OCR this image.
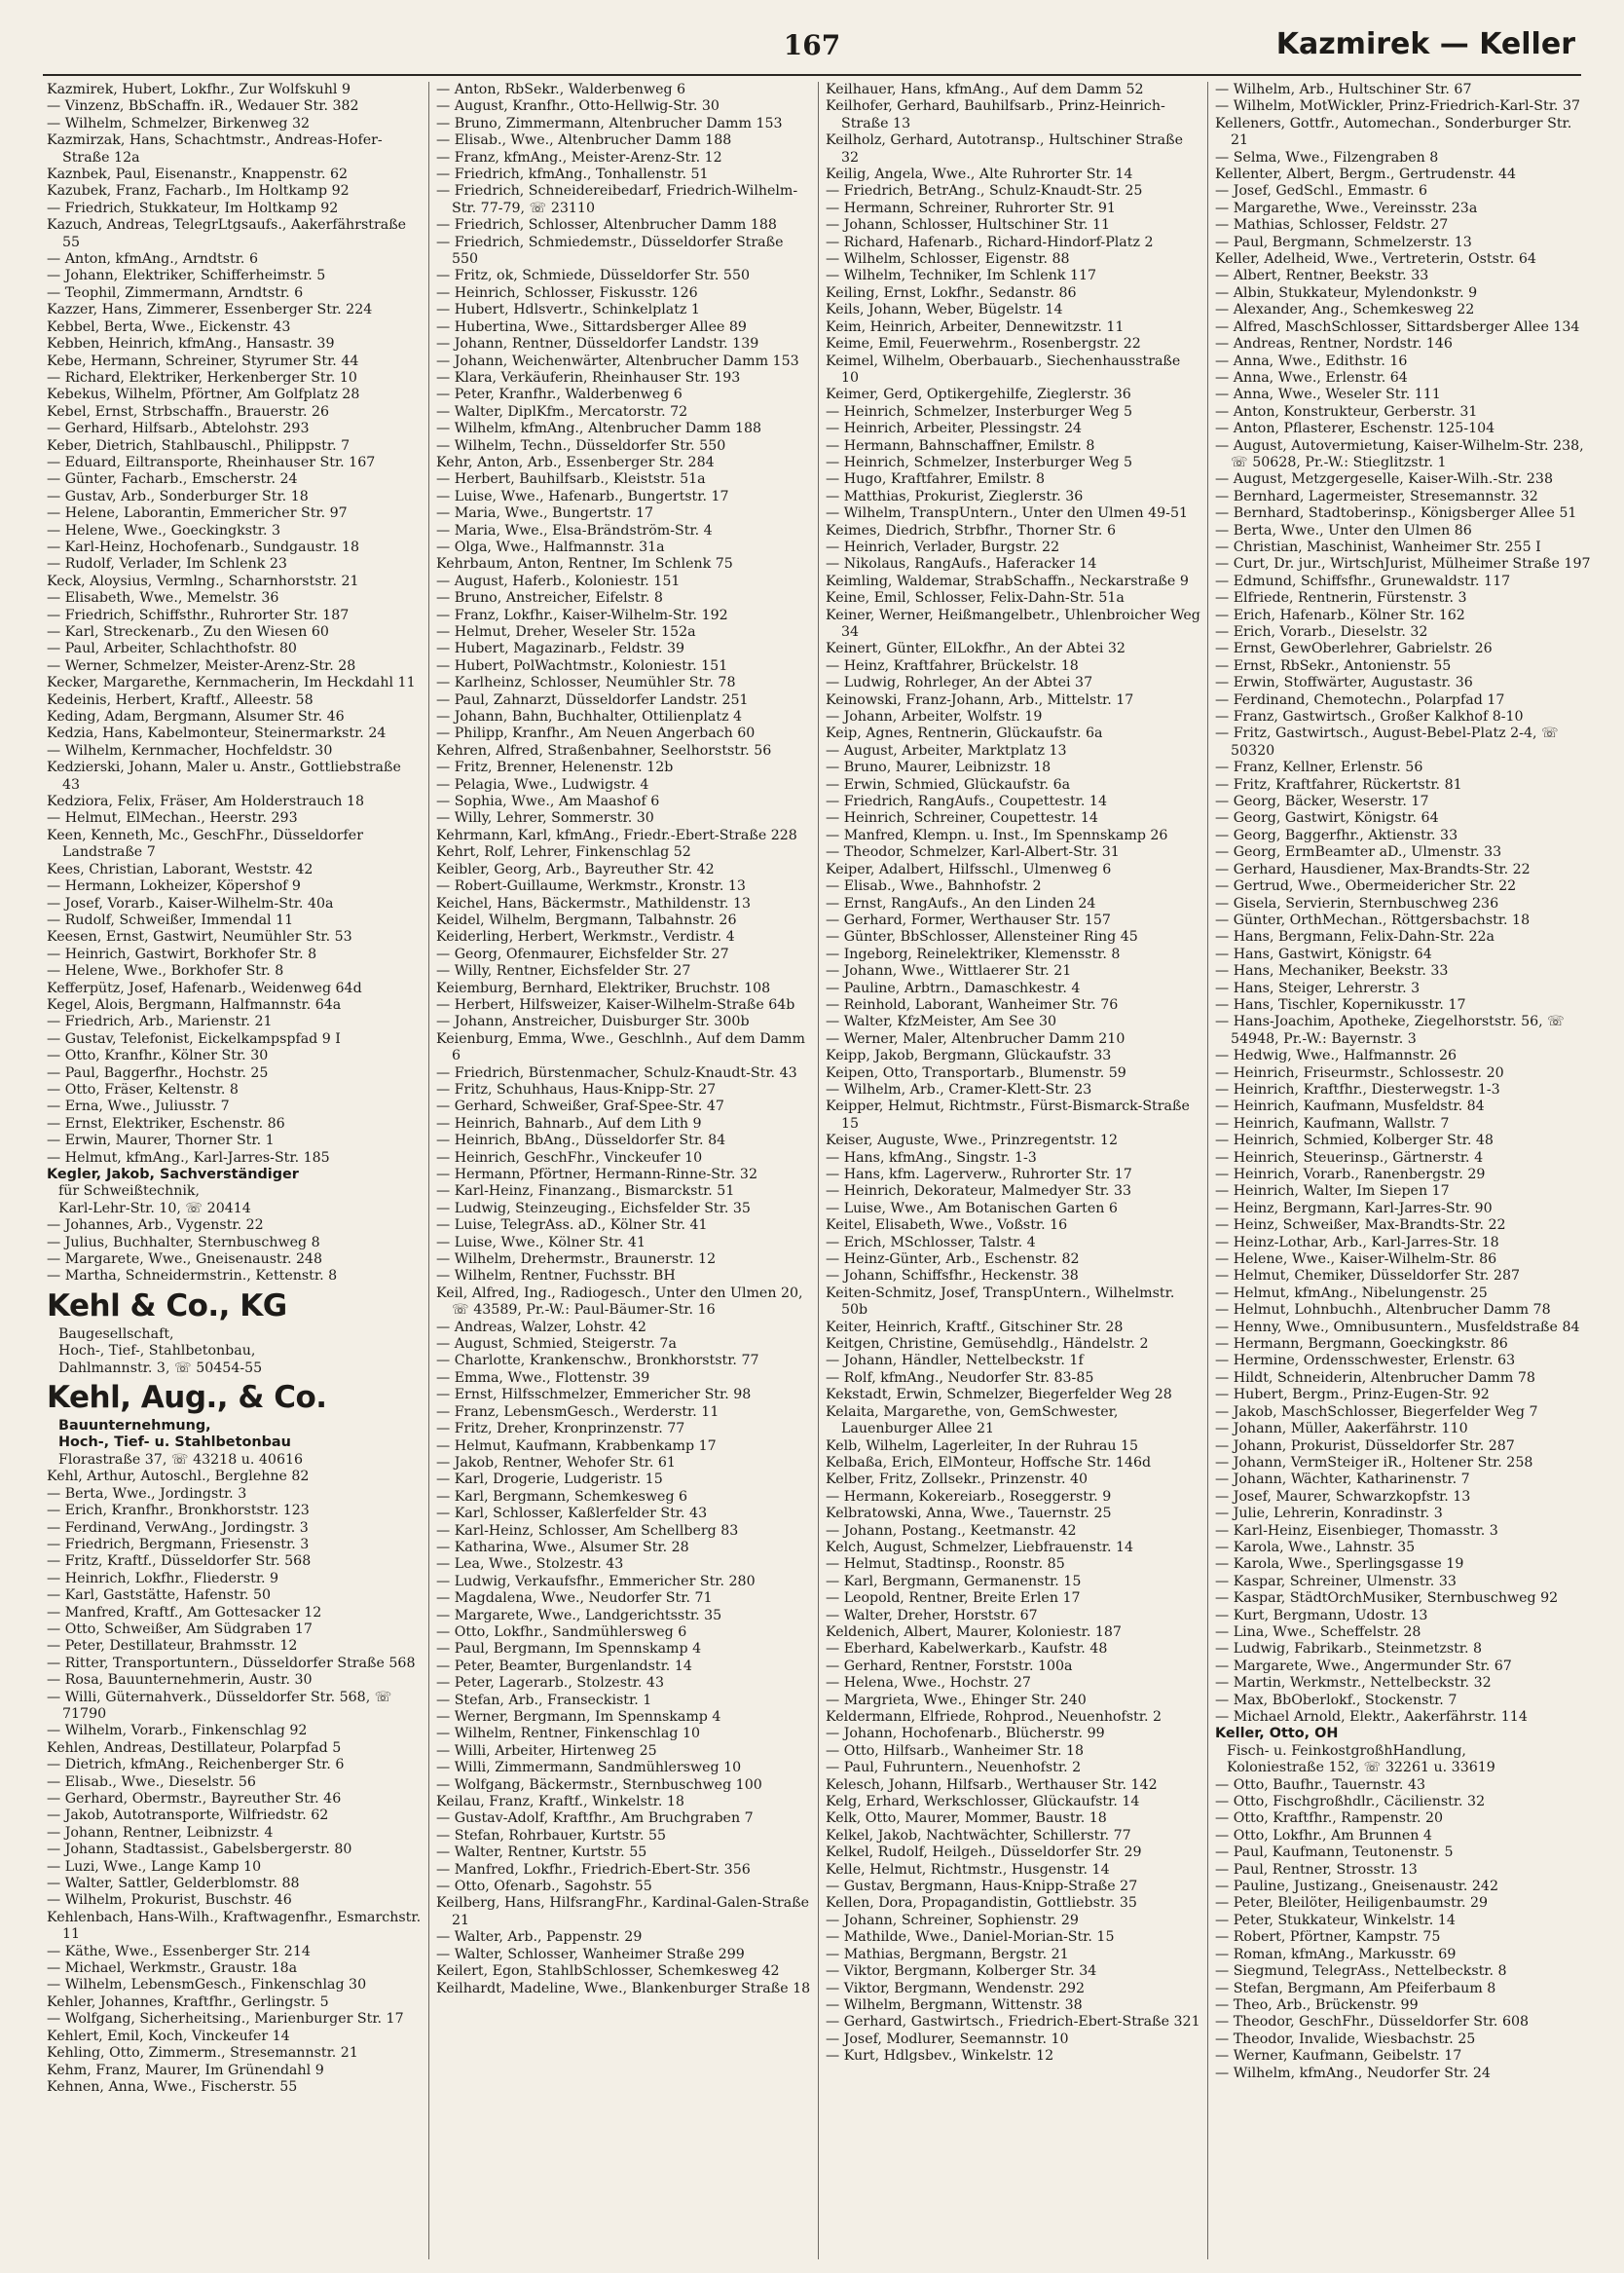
167	Kazmirek — Keller

Kazmirek, Hubert, Lokfhr., Zur Wolfskuhl 9

— Vinzenz, BbSchaffn. iR., Wedauer Str. 382

— Wilhelm, Schmelzer, Birkenweg 32

Kazmirzak, Hans, Schachtmstr., Andreas-Hofer-Straße 12a

Kaznbek, Paul, Eisenanstr., Knappenstr. 62

Kazubek, Franz, Facharb., Im Holtkamp 92

— Friedrich, Stukkateur, Im Holtkamp 92

Kazuch, Andreas, TelegrLtgsaufs., Aakerfährstraße 55

— Anton, kfmAng., Arndtstr. 6

— Johann, Elektriker, Schifferheimstr. 5

— Teophil, Zimmermann, Arndtstr. 6

Kazzer, Hans, Zimmerer, Essenberger Str. 224

Kebbel, Berta, Wwe., Eickenstr. 43

Kebben, Heinrich, kfmAng., Hansastr. 39

Kebe, Hermann, Schreiner, Styrumer Str. 44

— Richard, Elektriker, Herkenberger Str. 10

Kebekus, Wilhelm, Pförtner, Am Golfplatz 28

Kebel, Ernst, Strbschaffn., Brauerstr. 26

— Gerhard, Hilfsarb., Abtelohstr. 293

Keber, Dietrich, Stahlbauschl., Philippstr. 7

— Eduard, Eiltransporte, Rheinhauser Str. 167

— Günter, Facharb., Emscherstr. 24

— Gustav, Arb., Sonderburger Str. 18

— Helene, Laborantin, Emmericher Str. 97

— Helene, Wwe., Goeckingkstr. 3

— Karl-Heinz, Hochofenarb., Sundgaustr. 18

— Rudolf, Verlader, Im Schlenk 23

Keck, Aloysius, Vermlng., Scharnhorststr. 21

— Elisabeth, Wwe., Memelstr. 36

— Friedrich, Schiffsthr., Ruhrorter Str. 187

— Karl, Streckenarb., Zu den Wiesen 60

— Paul, Arbeiter, Schlachthofstr. 80

— Werner, Schmelzer, Meister-Arenz-Str. 28

Kecker, Margarethe, Kernmacherin, Im Heckdahl 11

Kedeinis, Herbert, Kraftf., Alleestr. 58

Keding, Adam, Bergmann, Alsumer Str. 46

Kedzia, Hans, Kabelmonteur, Steinermarkstr. 24

— Wilhelm, Kernmacher, Hochfeldstr. 30

Kedzierski, Johann, Maler u. Anstr., Gottliebstraße 43

Kedziora, Felix, Fräser, Am Holderstrauch 18

— Helmut, ElMechan., Heerstr. 293

Keen, Kenneth, Mc., GeschFhr., Düsseldorfer Landstraße 7

Kees, Christian, Laborant, Weststr. 42

— Hermann, Lokheizer, Köpershof 9

— Josef, Vorarb., Kaiser-Wilhelm-Str. 40a

— Rudolf, Schweißer, Immendal 11

Keesen, Ernst, Gastwirt, Neumühler Str. 53

— Heinrich, Gastwirt, Borkhofer Str. 8

— Helene, Wwe., Borkhofer Str. 8

Kefferpütz, Josef, Hafenarb., Weidenweg 64d

Kegel, Alois, Bergmann, Halfmannstr. 64a

— Friedrich, Arb., Marienstr. 21

— Gustav, Telefonist, Eickelkampspfad 9 I

— Otto, Kranfhr., Kölner Str. 30

— Paul, Baggerfhr., Hochstr. 25

— Otto, Fräser, Keltenstr. 8

— Erna, Wwe., Juliusstr. 7

— Ernst, Elektriker, Eschenstr. 86

— Erwin, Maurer, Thorner Str. 1

— Helmut, kfmAng., Karl-Jarres-Str. 185

Kegler, Jakob, Sachverständiger

für Schweißtechnik,

Karl-Lehr-Str. 10, ☏ 20414

— Johannes, Arb., Vygenstr. 22

— Julius, Buchhalter, Sternbuschweg 8

— Margarete, Wwe., Gneisenaustr. 248

— Martha, Schneidermstrin., Kettenstr. 8

Kehl & Co., KG

Baugesellschaft,

Hoch-, Tief-, Stahlbetonbau,

Dahlmannstr. 3, ☏ 50454-55

Kehl, Aug., & Co.

Bauunternehmung,

Hoch-, Tief- u. Stahlbetonbau

Florastraße 37, ☏ 43218 u. 40616

Kehl, Arthur, Autoschl., Berglehne 82

— Berta, Wwe., Jordingstr. 3

— Erich, Kranfhr., Bronkhorststr. 123

— Ferdinand, VerwAng., Jordingstr. 3

— Friedrich, Bergmann, Friesenstr. 3

— Fritz, Kraftf., Düsseldorfer Str. 568

— Heinrich, Lokfhr., Fliederstr. 9

— Karl, Gaststätte, Hafenstr. 50

— Manfred, Kraftf., Am Gottesacker 12

— Otto, Schweißer, Am Südgraben 17

— Peter, Destillateur, Brahmsstr. 12

— Ritter, Transportuntern., Düsseldorfer Straße 568

— Rosa, Bauunternehmerin, Austr. 30

— Willi, Güternahverk., Düsseldorfer Str. 568, ☏ 71790

— Wilhelm, Vorarb., Finkenschlag 92

Kehlen, Andreas, Destillateur, Polarpfad 5

— Dietrich, kfmAng., Reichenberger Str. 6

— Elisab., Wwe., Dieselstr. 56

— Gerhard, Obermstr., Bayreuther Str. 46

— Jakob, Autotransporte, Wilfriedstr. 62

— Johann, Rentner, Leibnizstr. 4

— Johann, Stadtassist., Gabelsbergerstr. 80

— Luzi, Wwe., Lange Kamp 10

— Walter, Sattler, Gelderblomstr. 88

— Wilhelm, Prokurist, Buschstr. 46

Kehlenbach, Hans-Wilh., Kraftwagenfhr., Esmarchstr. 11

— Käthe, Wwe., Essenberger Str. 214

— Michael, Werkmstr., Graustr. 18a

— Wilhelm, LebensmGesch., Finkenschlag 30

Kehler, Johannes, Kraftfhr., Gerlingstr. 5

— Wolfgang, Sicherheitsing., Marienburger Str. 17

Kehlert, Emil, Koch, Vinckeufer 14

Kehling, Otto, Zimmerm., Stresemannstr. 21

Kehm, Franz, Maurer, Im Grünendahl 9

Kehnen, Anna, Wwe., Fischerstr. 55

— Anton, RbSekr., Walderbenweg 6

— August, Kranfhr., Otto-Hellwig-Str. 30

— Bruno, Zimmermann, Altenbrucher Damm 153

— Elisab., Wwe., Altenbrucher Damm 188

— Franz, kfmAng., Meister-Arenz-Str. 12

— Friedrich, kfmAng., Tonhallenstr. 51

— Friedrich, Schneidereibedarf, Friedrich-Wilhelm-Str. 77-79, ☏ 23110

— Friedrich, Schlosser, Altenbrucher Damm 188

— Friedrich, Schmiedemstr., Düsseldorfer Straße 550

— Fritz, ok, Schmiede, Düsseldorfer Str. 550

— Heinrich, Schlosser, Fiskusstr. 126

— Hubert, Hdlsvertr., Schinkelplatz 1

— Hubertina, Wwe., Sittardsberger Allee 89

— Johann, Rentner, Düsseldorfer Landstr. 139

— Johann, Weichenwärter, Altenbrucher Damm 153

— Klara, Verkäuferin, Rheinhauser Str. 193

— Peter, Kranfhr., Walderbenweg 6

— Walter, DiplKfm., Mercatorstr. 72

— Wilhelm, kfmAng., Altenbrucher Damm 188

— Wilhelm, Techn., Düsseldorfer Str. 550

Kehr, Anton, Arb., Essenberger Str. 284

— Herbert, Bauhilfsarb., Kleiststr. 51a

— Luise, Wwe., Hafenarb., Bungertstr. 17

— Maria, Wwe., Bungertstr. 17

— Maria, Wwe., Elsa-Brändström-Str. 4

— Olga, Wwe., Halfmannstr. 31a

Kehrbaum, Anton, Rentner, Im Schlenk 75

— August, Haferb., Koloniestr. 151

— Bruno, Anstreicher, Eifelstr. 8

— Franz, Lokfhr., Kaiser-Wilhelm-Str. 192

— Helmut, Dreher, Weseler Str. 152a

— Hubert, Magazinarb., Feldstr. 39

— Hubert, PolWachtmstr., Koloniestr. 151

— Karlheinz, Schlosser, Neumühler Str. 78

— Paul, Zahnarzt, Düsseldorfer Landstr. 251

— Johann, Bahn, Buchhalter, Ottilienplatz 4

— Philipp, Kranfhr., Am Neuen Angerbach 60

Kehren, Alfred, Straßenbahner, Seelhorststr. 56

— Fritz, Brenner, Helenenstr. 12b

— Pelagia, Wwe., Ludwigstr. 4

— Sophia, Wwe., Am Maashof 6

— Willy, Lehrer, Sommerstr. 30

Kehrmann, Karl, kfmAng., Friedr.-Ebert-Straße 228

Kehrt, Rolf, Lehrer, Finkenschlag 52

Keibler, Georg, Arb., Bayreuther Str. 42

— Robert-Guillaume, Werkmstr., Kronstr. 13

Keichel, Hans, Bäckermstr., Mathildenstr. 13

Keidel, Wilhelm, Bergmann, Talbahnstr. 26

Keiderling, Herbert, Werkmstr., Verdistr. 4

— Georg, Ofenmaurer, Eichsfelder Str. 27

— Willy, Rentner, Eichsfelder Str. 27

Keiemburg, Bernhard, Elektriker, Bruchstr. 108

— Herbert, Hilfsweizer, Kaiser-Wilhelm-Straße 64b

— Johann, Anstreicher, Duisburger Str. 300b

Keienburg, Emma, Wwe., Geschlnh., Auf dem Damm 6

— Friedrich, Bürstenmacher, Schulz-Knaudt-Str. 43

— Fritz, Schuhhaus, Haus-Knipp-Str. 27

— Gerhard, Schweißer, Graf-Spee-Str. 47

— Heinrich, Bahnarb., Auf dem Lith 9

— Heinrich, BbAng., Düsseldorfer Str. 84

— Heinrich, GeschFhr., Vinckeufer 10

— Hermann, Pförtner, Hermann-Rinne-Str. 32

— Karl-Heinz, Finanzang., Bismarckstr. 51

— Ludwig, Steinzeuging., Eichsfelder Str. 35

— Luise, TelegrAss. aD., Kölner Str. 41

— Luise, Wwe., Kölner Str. 41

— Wilhelm, Drehermstr., Braunerstr. 12

— Wilhelm, Rentner, Fuchsstr. BH

Keil, Alfred, Ing., Radiogesch., Unter den Ulmen 20, ☏ 43589, Pr.-W.: Paul-Bäumer-Str. 16

— Andreas, Walzer, Lohstr. 42

— August, Schmied, Steigerstr. 7a

— Charlotte, Krankenschw., Bronkhorststr. 77

— Emma, Wwe., Flottenstr. 39

— Ernst, Hilfsschmelzer, Emmericher Str. 98

— Franz, LebensmGesch., Werderstr. 11

— Fritz, Dreher, Kronprinzenstr. 77

— Helmut, Kaufmann, Krabbenkamp 17

— Jakob, Rentner, Wehofer Str. 61

— Karl, Drogerie, Ludgeristr. 15

— Karl, Bergmann, Schemkesweg 6

— Karl, Schlosser, Kaßlerfelder Str. 43

— Karl-Heinz, Schlosser, Am Schellberg 83

— Katharina, Wwe., Alsumer Str. 28

— Lea, Wwe., Stolzestr. 43

— Ludwig, Verkaufsfhr., Emmericher Str. 280

— Magdalena, Wwe., Neudorfer Str. 71

— Margarete, Wwe., Landgerichtsstr. 35

— Otto, Lokfhr., Sandmühlersweg 6

— Paul, Bergmann, Im Spennskamp 4

— Peter, Beamter, Burgenlandstr. 14

— Peter, Lagerarb., Stolzestr. 43

— Stefan, Arb., Franseckistr. 1

— Werner, Bergmann, Im Spennskamp 4

— Wilhelm, Rentner, Finkenschlag 10

— Willi, Arbeiter, Hirtenweg 25

— Willi, Zimmermann, Sandmühlersweg 10

— Wolfgang, Bäckermstr., Sternbuschweg 100

Keilau, Franz, Kraftf., Winkelstr. 18

— Gustav-Adolf, Kraftfhr., Am Bruchgraben 7

— Stefan, Rohrbauer, Kurtstr. 55

— Walter, Rentner, Kurtstr. 55

— Manfred, Lokfhr., Friedrich-Ebert-Str. 356

— Otto, Ofenarb., Sagohstr. 55

Keilberg, Hans, HilfsrangFhr., Kardinal-Galen-Straße 21

— Walter, Arb., Pappenstr. 29

— Walter, Schlosser, Wanheimer Straße 299

Keilert, Egon, StahlbSchlosser, Schemkesweg 42

Keilhardt, Madeline, Wwe., Blankenburger Straße 18

Keilhauer, Hans, kfmAng., Auf dem Damm 52

Keilhofer, Gerhard, Bauhilfsarb., Prinz-Heinrich-Straße 13

Keilholz, Gerhard, Autotransp., Hultschiner Straße 32

Keilig, Angela, Wwe., Alte Ruhrorter Str. 14

— Friedrich, BetrAng., Schulz-Knaudt-Str. 25

— Hermann, Schreiner, Ruhrorter Str. 91

— Johann, Schlosser, Hultschiner Str. 11

— Richard, Hafenarb., Richard-Hindorf-Platz 2

— Wilhelm, Schlosser, Eigenstr. 88

— Wilhelm, Techniker, Im Schlenk 117

Keiling, Ernst, Lokfhr., Sedanstr. 86

Keils, Johann, Weber, Bügelstr. 14

Keim, Heinrich, Arbeiter, Dennewitzstr. 11

Keime, Emil, Feuerwehrm., Rosenbergstr. 22

Keimel, Wilhelm, Oberbauarb., Siechenhausstraße 10

Keimer, Gerd, Optikergehilfe, Zieglerstr. 36

— Heinrich, Schmelzer, Insterburger Weg 5

— Heinrich, Arbeiter, Plessingstr. 24

— Hermann, Bahnschaffner, Emilstr. 8

— Heinrich, Schmelzer, Insterburger Weg 5

— Hugo, Kraftfahrer, Emilstr. 8

— Matthias, Prokurist, Zieglerstr. 36

— Wilhelm, TranspUntern., Unter den Ulmen 49-51

Keimes, Diedrich, Strbfhr., Thorner Str. 6

— Heinrich, Verlader, Burgstr. 22

— Nikolaus, RangAufs., Haferacker 14

Keimling, Waldemar, StrabSchaffn., Neckarstraße 9

Keine, Emil, Schlosser, Felix-Dahn-Str. 51a

Keiner, Werner, Heißmangelbetr., Uhlenbroicher Weg 34

Keinert, Günter, ElLokfhr., An der Abtei 32

— Heinz, Kraftfahrer, Brückelstr. 18

— Ludwig, Rohrleger, An der Abtei 37

Keinowski, Franz-Johann, Arb., Mittelstr. 17

— Johann, Arbeiter, Wolfstr. 19

Keip, Agnes, Rentnerin, Glückaufstr. 6a

— August, Arbeiter, Marktplatz 13

— Bruno, Maurer, Leibnizstr. 18

— Erwin, Schmied, Glückaufstr. 6a

— Friedrich, RangAufs., Coupettestr. 14

— Heinrich, Schreiner, Coupettestr. 14

— Manfred, Klempn. u. Inst., Im Spennskamp 26

— Theodor, Schmelzer, Karl-Albert-Str. 31

Keiper, Adalbert, Hilfsschl., Ulmenweg 6

— Elisab., Wwe., Bahnhofstr. 2

— Ernst, RangAufs., An den Linden 24

— Gerhard, Former, Werthauser Str. 157

— Günter, BbSchlosser, Allensteiner Ring 45

— Ingeborg, Reinelektriker, Klemensstr. 8

— Johann, Wwe., Wittlaerer Str. 21

— Pauline, Arbtrn., Damaschkestr. 4

— Reinhold, Laborant, Wanheimer Str. 76

— Walter, KfzMeister, Am See 30

— Werner, Maler, Altenbrucher Damm 210

Keipp, Jakob, Bergmann, Glückaufstr. 33

Keipen, Otto, Transportarb., Blumenstr. 59

— Wilhelm, Arb., Cramer-Klett-Str. 23

Keipper, Helmut, Richtmstr., Fürst-Bismarck-Straße 15

Keiser, Auguste, Wwe., Prinzregentstr. 12

— Hans, kfmAng., Singstr. 1-3

— Hans, kfm. Lagerverw., Ruhrorter Str. 17

— Heinrich, Dekorateur, Malmedyer Str. 33

— Luise, Wwe., Am Botanischen Garten 6

Keitel, Elisabeth, Wwe., Voßstr. 16

— Erich, MSchlosser, Talstr. 4

— Heinz-Günter, Arb., Eschenstr. 82

— Johann, Schiffsfhr., Heckenstr. 38

Keiten-Schmitz, Josef, TranspUntern., Wilhelmstr. 50b

Keiter, Heinrich, Kraftf., Gitschiner Str. 28

Keitgen, Christine, Gemüsehdlg., Händelstr. 2

— Johann, Händler, Nettelbeckstr. 1f

— Rolf, kfmAng., Neudorfer Str. 83-85

Kekstadt, Erwin, Schmelzer, Biegerfelder Weg 28

Kelaita, Margarethe, von, GemSchwester, Lauenburger Allee 21

Kelb, Wilhelm, Lagerleiter, In der Ruhrau 15

Kelbaßa, Erich, ElMonteur, Hoffsche Str. 146d

Kelber, Fritz, Zollsekr., Prinzenstr. 40

— Hermann, Kokereiarb., Roseggerstr. 9

Kelbratowski, Anna, Wwe., Tauernstr. 25

— Johann, Postang., Keetmanstr. 42

Kelch, August, Schmelzer, Liebfrauenstr. 14

— Helmut, Stadtinsp., Roonstr. 85

— Karl, Bergmann, Germanenstr. 15

— Leopold, Rentner, Breite Erlen 17

— Walter, Dreher, Horststr. 67

Keldenich, Albert, Maurer, Koloniestr. 187

— Eberhard, Kabelwerkarb., Kaufstr. 48

— Gerhard, Rentner, Forststr. 100a

— Helena, Wwe., Hochstr. 27

— Margrieta, Wwe., Ehinger Str. 240

Keldermann, Elfriede, Rohprod., Neuenhofstr. 2

— Johann, Hochofenarb., Blücherstr. 99

— Otto, Hilfsarb., Wanheimer Str. 18

— Paul, Fuhruntern., Neuenhofstr. 2

Kelesch, Johann, Hilfsarb., Werthauser Str. 142

Kelg, Erhard, Werkschlosser, Glückaufstr. 14

Kelk, Otto, Maurer, Mommer, Baustr. 18

Kelkel, Jakob, Nachtwächter, Schillerstr. 77

Kelkel, Rudolf, Heilgeh., Düsseldorfer Str. 29

Kelle, Helmut, Richtmstr., Husgenstr. 14

— Gustav, Bergmann, Haus-Knipp-Straße 27

Kellen, Dora, Propagandistin, Gottliebstr. 35

— Johann, Schreiner, Sophienstr. 29

— Mathilde, Wwe., Daniel-Morian-Str. 15

— Mathias, Bergmann, Bergstr. 21

— Viktor, Bergmann, Kolberger Str. 34

— Viktor, Bergmann, Wendenstr. 292

— Wilhelm, Bergmann, Wittenstr. 38

— Gerhard, Gastwirtsch., Friedrich-Ebert-Straße 321

— Josef, Modlurer, Seemannstr. 10

— Kurt, Hdlgsbev., Winkelstr. 12

— Wilhelm, Arb., Hultschiner Str. 67

— Wilhelm, MotWickler, Prinz-Friedrich-Karl-Str. 37

Kelleners, Gottfr., Automechan., Sonderburger Str. 21

— Selma, Wwe., Filzengraben 8

Kellenter, Albert, Bergm., Gertrudenstr. 44

— Josef, GedSchl., Emmastr. 6

— Margarethe, Wwe., Vereinsstr. 23a

— Mathias, Schlosser, Feldstr. 27

— Paul, Bergmann, Schmelzerstr. 13

Keller, Adelheid, Wwe., Vertreterin, Oststr. 64

— Albert, Rentner, Beekstr. 33

— Albin, Stukkateur, Mylendonkstr. 9

— Alexander, Ang., Schemkesweg 22

— Alfred, MaschSchlosser, Sittardsberger Allee 134

— Andreas, Rentner, Nordstr. 146

— Anna, Wwe., Edithstr. 16

— Anna, Wwe., Erlenstr. 64

— Anna, Wwe., Weseler Str. 111

— Anton, Konstrukteur, Gerberstr. 31

— Anton, Pflasterer, Eschenstr. 125-104

— August, Autovermietung, Kaiser-Wilhelm-Str. 238, ☏ 50628, Pr.-W.: Stieglitzstr. 1

— August, Metzgergeselle, Kaiser-Wilh.-Str. 238

— Bernhard, Lagermeister, Stresemannstr. 32

— Bernhard, Stadtoberinsp., Königsberger Allee 51

— Berta, Wwe., Unter den Ulmen 86

— Christian, Maschinist, Wanheimer Str. 255 I

— Curt, Dr. jur., WirtschJurist, Mülheimer Straße 197

— Edmund, Schiffsfhr., Grunewaldstr. 117

— Elfriede, Rentnerin, Fürstenstr. 3

— Erich, Hafenarb., Kölner Str. 162

— Erich, Vorarb., Dieselstr. 32

— Ernst, GewOberlehrer, Gabrielstr. 26

— Ernst, RbSekr., Antonienstr. 55

— Erwin, Stoffwärter, Augustastr. 36

— Ferdinand, Chemotechn., Polarpfad 17

— Franz, Gastwirtsch., Großer Kalkhof 8-10

— Fritz, Gastwirtsch., August-Bebel-Platz 2-4, ☏ 50320

— Franz, Kellner, Erlenstr. 56

— Fritz, Kraftfahrer, Rückertstr. 81

— Georg, Bäcker, Weserstr. 17

— Georg, Gastwirt, Königstr. 64

— Georg, Baggerfhr., Aktienstr. 33

— Georg, ErmBeamter aD., Ulmenstr. 33

— Gerhard, Hausdiener, Max-Brandts-Str. 22

— Gertrud, Wwe., Obermeidericher Str. 22

— Gisela, Servierin, Sternbuschweg 236

— Günter, OrthMechan., Röttgersbachstr. 18

— Hans, Bergmann, Felix-Dahn-Str. 22a

— Hans, Gastwirt, Königstr. 64

— Hans, Mechaniker, Beekstr. 33

— Hans, Steiger, Lehrerstr. 3

— Hans, Tischler, Kopernikusstr. 17

— Hans-Joachim, Apotheke, Ziegelhorststr. 56, ☏ 54948, Pr.-W.: Bayernstr. 3

— Hedwig, Wwe., Halfmannstr. 26

— Heinrich, Friseurmstr., Schlossestr. 20

— Heinrich, Kraftfhr., Diesterwegstr. 1-3

— Heinrich, Kaufmann, Musfeldstr. 84

— Heinrich, Kaufmann, Wallstr. 7

— Heinrich, Schmied, Kolberger Str. 48

— Heinrich, Steuerinsp., Gärtnerstr. 4

— Heinrich, Vorarb., Ranenbergstr. 29

— Heinrich, Walter, Im Siepen 17

— Heinz, Bergmann, Karl-Jarres-Str. 90

— Heinz, Schweißer, Max-Brandts-Str. 22

— Heinz-Lothar, Arb., Karl-Jarres-Str. 18

— Helene, Wwe., Kaiser-Wilhelm-Str. 86

— Helmut, Chemiker, Düsseldorfer Str. 287

— Helmut, kfmAng., Nibelungenstr. 25

— Helmut, Lohnbuchh., Altenbrucher Damm 78

— Henny, Wwe., Omnibusuntern., Musfeldstraße 84

— Hermann, Bergmann, Goeckingkstr. 86

— Hermine, Ordensschwester, Erlenstr. 63

— Hildt, Schneiderin, Altenbrucher Damm 78

— Hubert, Bergm., Prinz-Eugen-Str. 92

— Jakob, MaschSchlosser, Biegerfelder Weg 7

— Johann, Müller, Aakerfährstr. 110

— Johann, Prokurist, Düsseldorfer Str. 287

— Johann, VermSteiger iR., Holtener Str. 258

— Johann, Wächter, Katharinenstr. 7

— Josef, Maurer, Schwarzkopfstr. 13

— Julie, Lehrerin, Konradinstr. 3

— Karl-Heinz, Eisenbieger, Thomasstr. 3

— Karola, Wwe., Lahnstr. 35

— Karola, Wwe., Sperlingsgasse 19

— Kaspar, Schreiner, Ulmenstr. 33

— Kaspar, StädtOrchMusiker, Sternbuschweg 92

— Kurt, Bergmann, Udostr. 13

— Lina, Wwe., Scheffelstr. 28

— Ludwig, Fabrikarb., Steinmetzstr. 8

— Margarete, Wwe., Angermunder Str. 67

— Martin, Werkmstr., Nettelbeckstr. 32

— Max, BbOberlokf., Stockenstr. 7

— Michael Arnold, Elektr., Aakerfährstr. 114

Keller, Otto, OH

Fisch- u. FeinkostgroßhHandlung,

Koloniestraße 152, ☏ 32261 u. 33619

— Otto, Baufhr., Tauernstr. 43

— Otto, Fischgroßhdlr., Cäcilienstr. 32

— Otto, Kraftfhr., Rampenstr. 20

— Otto, Lokfhr., Am Brunnen 4

— Paul, Kaufmann, Teutonenstr. 5

— Paul, Rentner, Strosstr. 13

— Pauline, Justizang., Gneisenaustr. 242

— Peter, Bleilöter, Heiligenbaumstr. 29

— Peter, Stukkateur, Winkelstr. 14

— Robert, Pförtner, Kampstr. 75

— Roman, kfmAng., Markusstr. 69

— Siegmund, TelegrAss., Nettelbeckstr. 8

— Stefan, Bergmann, Am Pfeiferbaum 8

— Theo, Arb., Brückenstr. 99

— Theodor, GeschFhr., Düsseldorfer Str. 608

— Theodor, Invalide, Wiesbachstr. 25

— Werner, Kaufmann, Geibelstr. 17

— Wilhelm, kfmAng., Neudorfer Str. 24
